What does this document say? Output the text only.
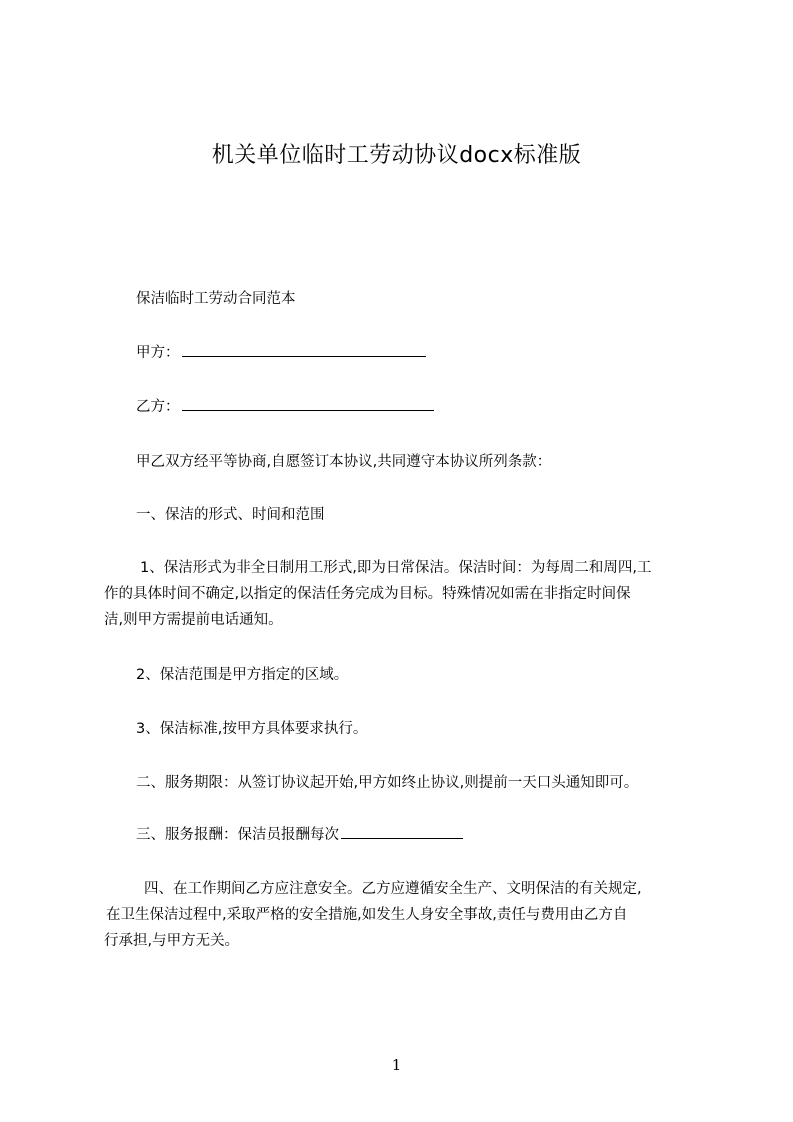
机关单位临时工劳动协议docx标准版
保洁临时工劳动合同范本
甲方：
乙方：
甲乙双方经平等协商,自愿签订本协议,共同遵守本协议所列条款：
一、保洁的形式、时间和范围
1、保洁形式为非全日制用工形式,即为日常保洁。保洁时间：为每周二和周四,工
作的具体时间不确定,以指定的保洁任务完成为目标。特殊情况如需在非指定时间保
洁,则甲方需提前电话通知。
2、保洁范围是甲方指定的区域。
3、保洁标准,按甲方具体要求执行。
二、服务期限：从签订协议起开始,甲方如终止协议,则提前一天口头通知即可。
三、服务报酬：保洁员报酬每次
四、在工作期间乙方应注意安全。乙方应遵循安全生产、文明保洁的有关规定,
在卫生保洁过程中,采取严格的安全措施,如发生人身安全事故,责任与费用由乙方自
行承担,与甲方无关。
1
